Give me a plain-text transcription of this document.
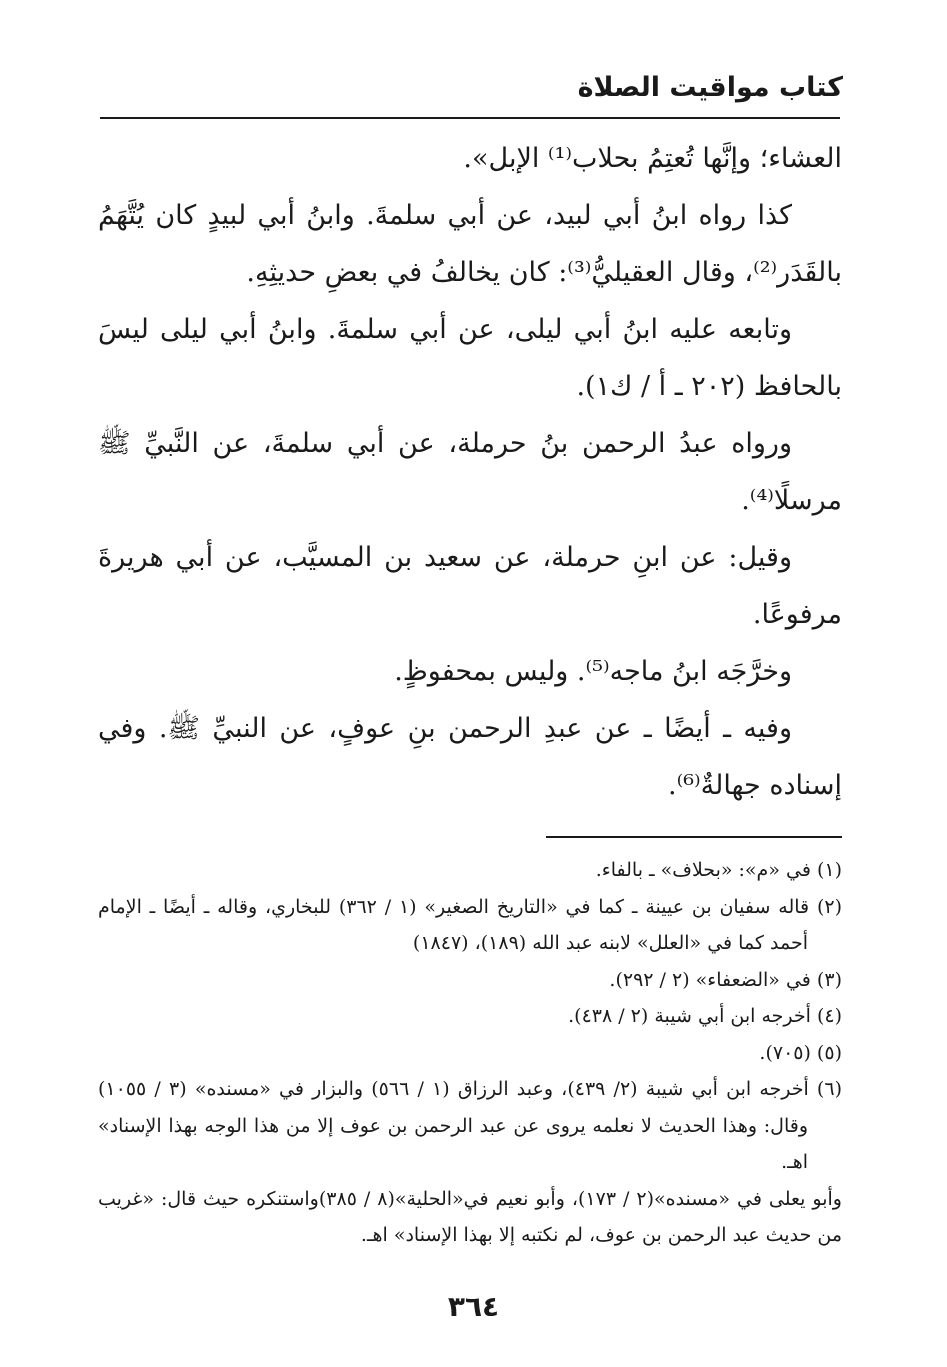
كتاب مواقيت الصلاة

العشاء؛ وإنَّها تُعتِمُ بحلاب⁽¹⁾ الإبل».

كذا رواه ابنُ أبي لبيد، عن أبي سلمةَ. وابنُ أبي لبيدٍ كان يُتَّهَمُ بالقَدَر⁽²⁾، وقال العقيليُّ⁽³⁾: كان يخالفُ في بعضِ حديثِهِ.

وتابعه عليه ابنُ أبي ليلى، عن أبي سلمةَ. وابنُ أبي ليلى ليسَ بالحافظ (٢٠٢ ـ أ / ك١).

ورواه عبدُ الرحمن بنُ حرملة، عن أبي سلمةَ، عن النَّبيِّ ﷺ مرسلًا⁽⁴⁾.

وقيل: عن ابنِ حرملة، عن سعيد بن المسيَّب، عن أبي هريرةَ مرفوعًا.

وخرَّجَه ابنُ ماجه⁽⁵⁾. وليس بمحفوظٍ.

وفيه ـ أيضًا ـ عن عبدِ الرحمن بنِ عوفٍ، عن النبيِّ ﷺ. وفي إسناده جهالةٌ⁽⁶⁾.

(١) في «م»: «بحلاف» ـ بالفاء.

(٢) قاله سفيان بن عيينة ـ كما في «التاريخ الصغير» (١ / ٣٦٢) للبخاري، وقاله ـ أيضًا ـ الإمام أحمد كما في «العلل» لابنه عبد الله (١٨٩)، (١٨٤٧)

(٣) في «الضعفاء» (٢ / ٢٩٢).

(٤) أخرجه ابن أبي شيبة (٢ / ٤٣٨).

(٥) (٧٠٥).

(٦) أخرجه ابن أبي شيبة (٢/ ٤٣٩)، وعبد الرزاق (١ / ٥٦٦) والبزار في «مسنده» (٣ / ١٠٥٥) وقال: وهذا الحديث لا نعلمه يروى عن عبد الرحمن بن عوف إلا من هذا الوجه بهذا الإسناد» اهـ.

وأبو يعلى في «مسنده»(٢ / ١٧٣)، وأبو نعيم في«الحلية»(٨ / ٣٨٥)واستنكره حيث قال: «غريب من حديث عبد الرحمن بن عوف، لم نكتبه إلا بهذا الإسناد» اهـ.

٣٦٤
